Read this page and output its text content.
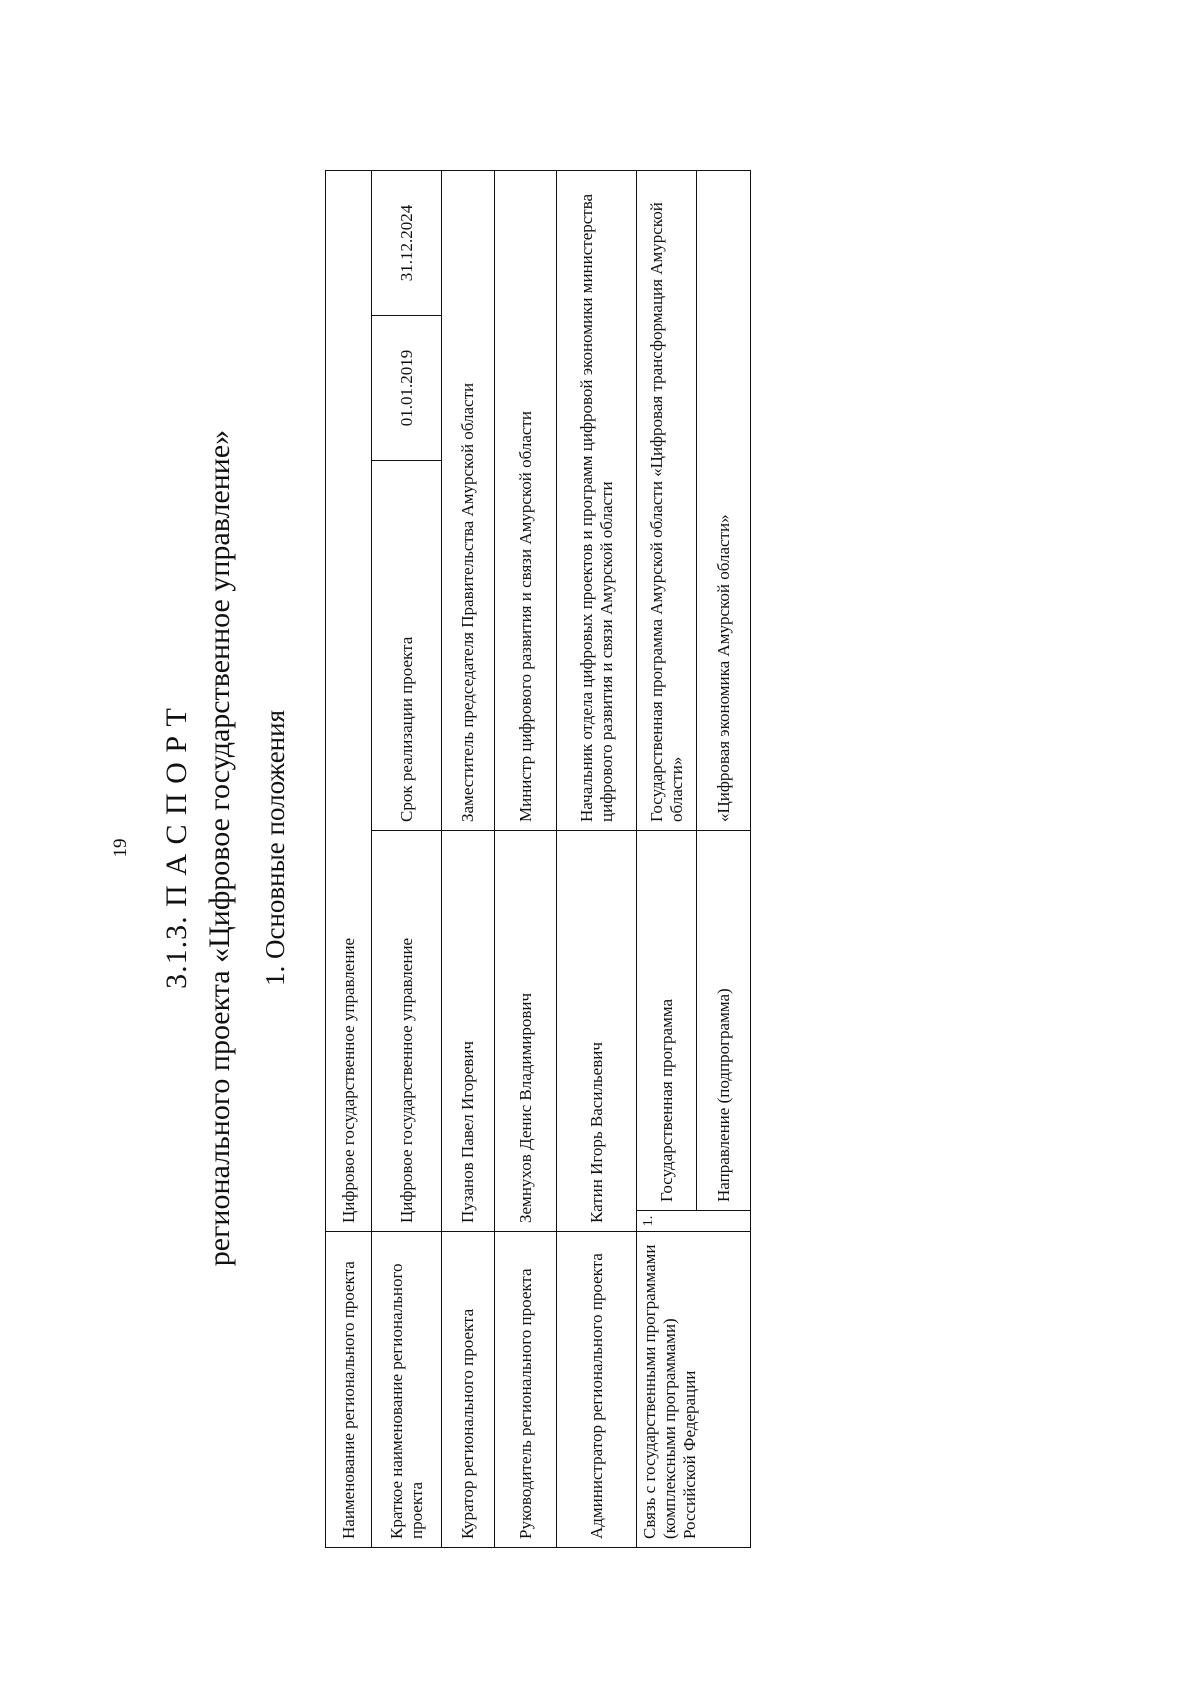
19 3.1.3. П А С П О Р Т регионального проекта «Цифровое государственное управление» 1. Основные положения
Наименование регионального проекта	Цифровое государственное управление				
Краткое наименование регионального проекта	Цифровое государственное управление		Срок реализации проекта	01.01.2019	31.12.2024
Куратор регионального проекта	Пузанов Павел Игоревич		Заместитель председателя Правительства Амурской области		
Руководитель регионального проекта	Земнухов Денис Владимирович		Министр цифрового развития и связи Амурской области		
Администратор регионального проекта	Катин Игорь Васильевич		Начальник отдела цифровых проектов и программ цифровой экономики министерства цифрового развития и связи Амурской области		
Связь с государственными программами (комплексными программами) Российской Федерации	1.	Государственная программа	Государственная программа Амурской области «Цифровая трансформация Амурской области»		
		Направление (подпрограмма)	«Цифровая экономика Амурской области»		
